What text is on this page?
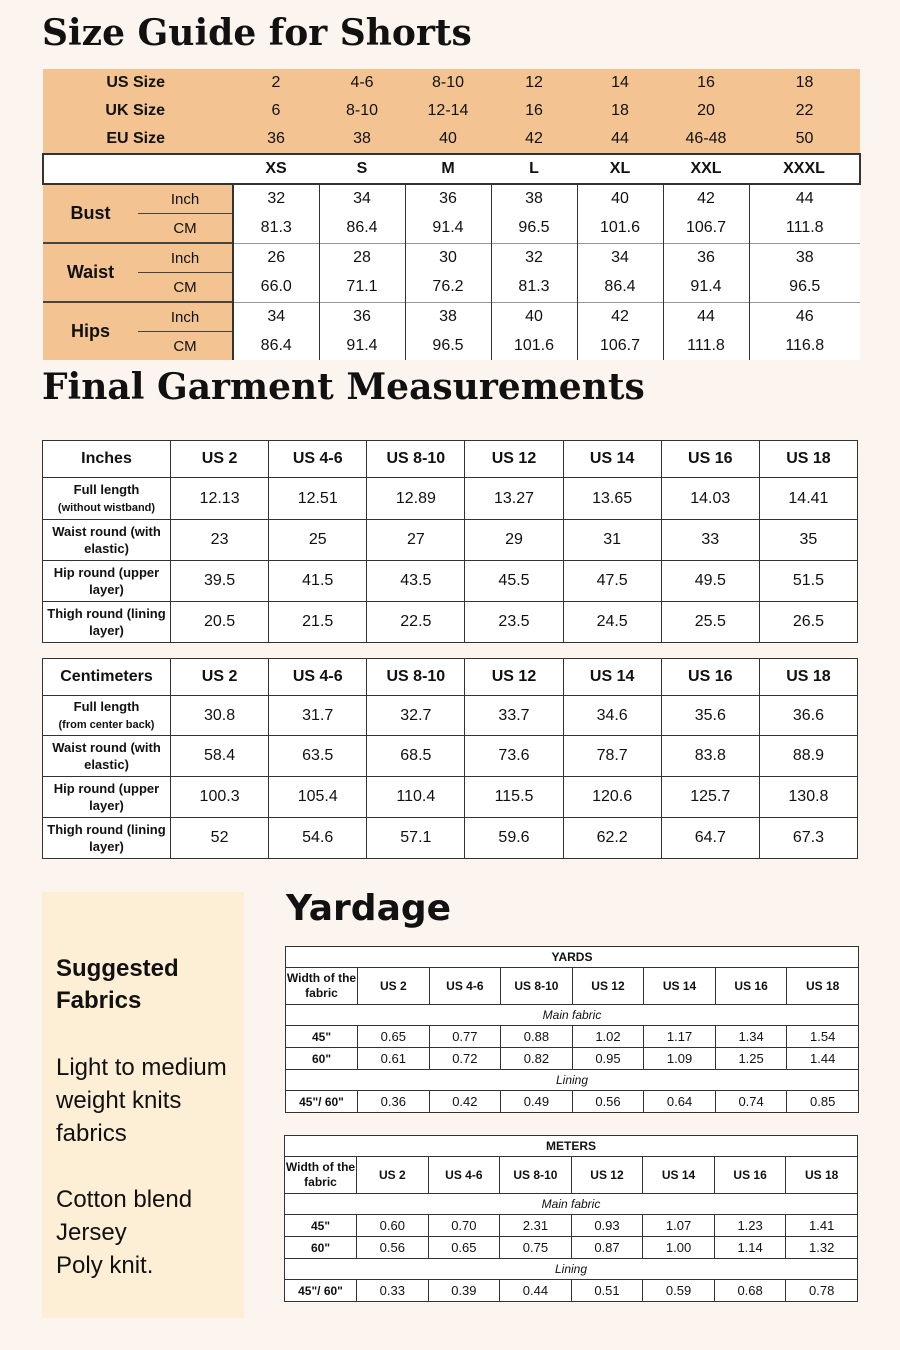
Size Guide for Shorts
US Size		2	4-6	8-10	12	14	16	18
UK Size		6	8-10	12-14	16	18	20	22
EU Size		36	38	40	42	44	46-48	50
		XS	S	M	L	XL	XXL	XXXL
Bust	Inch	32	34	36	38	40	42	44
	CM	81.3	86.4	91.4	96.5	101.6	106.7	111.8
Waist	Inch	26	28	30	32	34	36	38
	CM	66.0	71.1	76.2	81.3	86.4	91.4	96.5
Hips	Inch	34	36	38	40	42	44	46
	CM	86.4	91.4	96.5	101.6	106.7	111.8	116.8
Final Garment Measurements
Inches	US 2	US 4-6	US 8-10	US 12	US 14	US 16	US 18

Full length
(without wistband)	12.13	12.51	12.89	13.27	13.65	14.03	14.41

Waist round (with
elastic)	23	25	27	29	31	33	35

Hip round (upper
layer)	39.5	41.5	43.5	45.5	47.5	49.5	51.5

Thigh round (lining
layer)	20.5	21.5	22.5	23.5	24.5	25.5	26.5
Centimeters	US 2	US 4-6	US 8-10	US 12	US 14	US 16	US 18

Full length
(from center back)	30.8	31.7	32.7	33.7	34.6	35.6	36.6

Waist round (with
elastic)	58.4	63.5	68.5	73.6	78.7	83.8	88.9

Hip round (upper
layer)	100.3	105.4	110.4	115.5	120.6	125.7	130.8

Thigh round (lining
layer)	52	54.6	57.1	59.6	62.2	64.7	67.3
Suggested Fabrics
Light to medium weight knits fabrics
Cotton blend
Jersey
Poly knit.
Yardage
YARDS							
Width of the fabric	US 2	US 4-6	US 8-10	US 12	US 14	US 16	US 18
Main fabric							
45"	0.65	0.77	0.88	1.02	1.17	1.34	1.54
60"	0.61	0.72	0.82	0.95	1.09	1.25	1.44
Lining							
45"/ 60"	0.36	0.42	0.49	0.56	0.64	0.74	0.85
METERS							
Width of the fabric	US 2	US 4-6	US 8-10	US 12	US 14	US 16	US 18
Main fabric							
45"	0.60	0.70	2.31	0.93	1.07	1.23	1.41
60"	0.56	0.65	0.75	0.87	1.00	1.14	1.32
Lining							
45"/ 60"	0.33	0.39	0.44	0.51	0.59	0.68	0.78
